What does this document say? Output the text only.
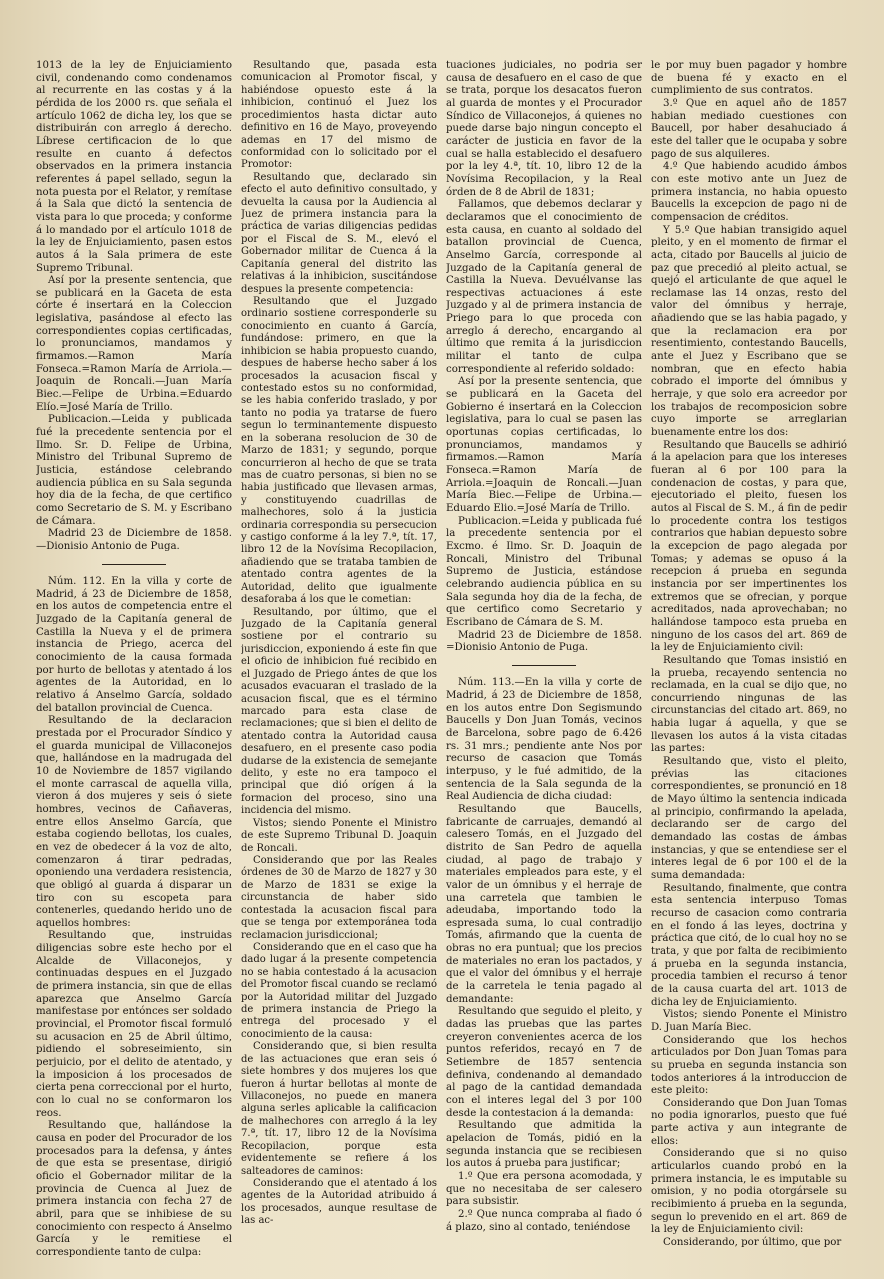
1013 de la ley de Enjuiciamiento civil, condenando como condenamos al recurrente en las costas y á la pérdida de los 2000 rs. que señala el artículo 1062 de dicha ley, los que se distribuirán con arreglo á derecho. Líbrese certificacion de lo que resulte en cuanto á defectos observados en la primera instancia referentes á papel sellado, segun la nota puesta por el Relator, y remítase á la Sala que dictó la sentencia de vista para lo que proceda; y conforme á lo mandado por el artículo 1018 de la ley de Enjuiciamiento, pasen estos autos á la Sala primera de este Supremo Tribunal.

Así por la presente sentencia, que se publicará en la Gaceta de esta córte é insertará en la Coleccion legislativa, pasándose al efecto las correspondientes copias certificadas, lo pronunciamos, mandamos y firmamos.—Ramon María Fonseca.=Ramon María de Arriola.—Joaquin de Roncali.—Juan María Biec.—Felipe de Urbina.=Eduardo Elío.=José María de Trillo.

Publicacion.—Leida y publicada fué la precedente sentencia por el Ilmo. Sr. D. Felipe de Urbina, Ministro del Tribunal Supremo de Justicia, estándose celebrando audiencia pública en su Sala segunda hoy dia de la fecha, de que certifico como Secretario de S. M. y Escribano de Cámara.

Madrid 23 de Diciembre de 1858. —Dionisio Antonio de Puga.

Núm. 112. En la villa y corte de Madrid, á 23 de Diciembre de 1858, en los autos de competencia entre el Juzgado de la Capitanía general de Castilla la Nueva y el de primera instancia de Priego, acerca del conocimiento de la causa formada por hurto de bellotas y atentado á los agentes de la Autoridad, en lo relativo á Anselmo García, soldado del batallon provincial de Cuenca.

Resultando de la declaracion prestada por el Procurador Síndico y el guarda municipal de Villaconejos que, hallándose en la madrugada del 10 de Noviembre de 1857 vigilando el monte carrascal de aquella villa, vieron á dos mujeres y seis ó siete hombres, vecinos de Cañaveras, entre ellos Anselmo García, que estaba cogiendo bellotas, los cuales, en vez de obedecer á la voz de alto, comenzaron á tirar pedradas, oponiendo una verdadera resistencia, que obligó al guarda á disparar un tiro con su escopeta para contenerles, quedando herido uno de aquellos hombres:

Resultando que, instruidas diligencias sobre este hecho por el Alcalde de Villaconejos, y continuadas despues en el Juzgado de primera instancia, sin que de ellas aparezca que Anselmo García manifestase por entónces ser soldado provincial, el Promotor fiscal formuló su acusacion en 25 de Abril último, pidiendo el sobreseimiento, sin perjuicio, por el delito de atentado, y la imposicion á los procesados de cierta pena correccional por el hurto, con lo cual no se conformaron los reos.

Resultando que, hallándose la causa en poder del Procurador de los procesados para la defensa, y ántes de que esta se presentase, dirigió oficio el Gobernador militar de la provincia de Cuenca al Juez de primera instancia con fecha 27 de abril, para que se inhibiese de su conocimiento con respecto á Anselmo García y le remitiese el correspondiente tanto de culpa:

Resultando que, pasada esta comunicacion al Promotor fiscal, y habiéndose opuesto este á la inhibicion, continuó el Juez los procedimientos hasta dictar auto definitivo en 16 de Mayo, proveyendo ademas en 17 del mismo de conformidad con lo solicitado por el Promotor:

Resultando que, declarado sin efecto el auto definitivo consultado, y devuelta la causa por la Audiencia al Juez de primera instancia para la práctica de varias diligencias pedidas por el Fiscal de S. M., elevó el Gobernador militar de Cuenca á la Capitanía general del distrito las relativas á la inhibicion, suscitándose despues la presente competencia:

Resultando que el Juzgado ordinario sostiene corresponderle su conocimiento en cuanto á García, fundándose: primero, en que la inhibicion se habia propuesto cuando, despues de haberse hecho saber á los procesados la acusacion fiscal y contestado estos su no conformidad, se les habia conferido traslado, y por tanto no podia ya tratarse de fuero segun lo terminantemente dispuesto en la soberana resolucion de 30 de Marzo de 1831; y segundo, porque concurrieron al hecho de que se trata mas de cuatro personas, si bien no se habia justificado que llevasen armas, y constituyendo cuadrillas de malhechores, solo á la justicia ordinaria correspondia su persecucion y castigo conforme á la ley 7.ª, tít. 17, libro 12 de la Novísima Recopilacion, añadiendo que se trataba tambien de atentado contra agentes de la Autoridad, delito que igualmente desaforaba á los que le cometian:

Resultando, por último, que el Juzgado de la Capitanía general sostiene por el contrario su jurisdiccion, exponiendo á este fin que el oficio de inhibicion fué recibido en el Juzgado de Priego ántes de que los acusados evacuaran el traslado de la acusacion fiscal, que es el término marcado para esta clase de reclamaciones; que si bien el delito de atentado contra la Autoridad causa desafuero, en el presente caso podia dudarse de la existencia de semejante delito, y este no era tampoco el principal que dió orígen á la formacion del proceso, sino una incidencia del mismo.

Vistos; siendo Ponente el Ministro de este Supremo Tribunal D. Joaquin de Roncali.

Considerando que por las Reales órdenes de 30 de Marzo de 1827 y 30 de Marzo de 1831 se exige la circunstancia de haber sido contestada la acusacion fiscal para que se tenga por extemporánea toda reclamacion jurisdiccional;

Considerando que en el caso que ha dado lugar á la presente competencia no se habia contestado á la acusacion del Promotor fiscal cuando se reclamó por la Autoridad militar del Juzgado de primera instancia de Priego la entrega del procesado y el conocimiento de la causa:

Considerando que, si bien resulta de las actuaciones que eran seis ó siete hombres y dos mujeres los que fueron á hurtar bellotas al monte de Villaconejos, no puede en manera alguna serles aplicable la calificacion de malhechores con arreglo á la ley 7.ª, tít. 17, libro 12 de la Novísima Recopilacion, porque esta evidentemente se refiere á los salteadores de caminos:

Considerando que el atentado á los agentes de la Autoridad atribuido á los procesados, aunque resultase de las ac-

tuaciones judiciales, no podria ser causa de desafuero en el caso de que se trata, porque los desacatos fueron al guarda de montes y el Procurador Síndico de Villaconejos, á quienes no puede darse bajo ningun concepto el carácter de justicia en favor de la cual se halla establecido el desafuero por la ley 4.ª, tít. 10, libro 12 de la Novísima Recopilacion, y la Real órden de 8 de Abril de 1831;

Fallamos, que debemos declarar y declaramos que el conocimiento de esta causa, en cuanto al soldado del batallon provincial de Cuenca, Anselmo García, corresponde al Juzgado de la Capitanía general de Castilla la Nueva. Devuélvanse las respectivas actuaciones á este Juzgado y al de primera instancia de Priego para lo que proceda con arreglo á derecho, encargando al último que remita á la jurisdiccion militar el tanto de culpa correspondiente al referido soldado:

Así por la presente sentencia, que se publicará en la Gaceta del Gobierno é insertará en la Coleccion legislativa, para lo cual se pasen las oportunas copias certificadas, lo pronunciamos, mandamos y firmamos.—Ramon María Fonseca.=Ramon María de Arriola.=Joaquin de Roncali.—Juan María Biec.—Felipe de Urbina.—Eduardo Elio.=José María de Trillo.

Publicacion.=Leida y publicada fué la precedente sentencia por el Excmo. é Ilmo. Sr. D. Joaquin de Roncali, Ministro del Tribunal Supremo de Justicia, estándose celebrando audiencia pública en su Sala segunda hoy dia de la fecha, de que certifico como Secretario y Escribano de Cámara de S. M.

Madrid 23 de Diciembre de 1858. =Dionisio Antonio de Puga.

Núm. 113.—En la villa y corte de Madrid, á 23 de Diciembre de 1858, en los autos entre Don Segismundo Baucells y Don Juan Tomás, vecinos de Barcelona, sobre pago de 6.426 rs. 31 mrs.; pendiente ante Nos por recurso de casacion que Tomás interpuso, y le fué admitido, de la sentencia de la Sala segunda de la Real Audiencia de dicha ciudad:

Resultando que Baucells, fabricante de carruajes, demandó al calesero Tomás, en el Juzgado del distrito de San Pedro de aquella ciudad, al pago de trabajo y materiales empleados para este, y el valor de un ómnibus y el herraje de una carretela que tambien le adeudaba, importando todo la espresada suma, lo cual contradijo Tomás, afirmando que la cuenta de obras no era puntual; que los precios de materiales no eran los pactados, y que el valor del ómnibus y el herraje de la carretela le tenia pagado al demandante:

Resultando que seguido el pleito, y dadas las pruebas que las partes creyeron convenientes acerca de los puntos referidos, recayó en 7 de Setiembre de 1857 sentencia definiva, condenando al demandado al pago de la cantidad demandada con el interes legal del 3 por 100 desde la contestacion á la demanda:

Resultando que admitida la apelacion de Tomás, pidió en la segunda instancia que se recibiesen los autos á prueba para justificar;

1.º Que era persona acomodada, y que no necesitaba de ser calesero para subsistir.

2.º Que nunca compraba al fiado ó á plazo, sino al contado, teniéndose

le por muy buen pagador y hombre de buena fé y exacto en el cumplimiento de sus contratos.

3.º Que en aquel año de 1857 habian mediado cuestiones con Baucell, por haber desahuciado á este del taller que le ocupaba y sobre pago de sus alquileres.

4.º Que habiendo acudido ámbos con este motivo ante un Juez de primera instancia, no habia opuesto Baucells la excepcion de pago ni de compensacion de créditos.

Y 5.º Que habian transigido aquel pleito, y en el momento de firmar el acta, citado por Baucells al juicio de paz que precedió al pleito actual, se quejó el articulante de que aquel le reclamase las 14 onzas, resto del valor del ómnibus y herraje, añadiendo que se las habia pagado, y que la reclamacion era por resentimiento, contestando Baucells, ante el Juez y Escribano que se nombran, que en efecto habia cobrado el importe del ómnibus y herraje, y que solo era acreedor por los trabajos de recomposicion sobre cuyo importe se arreglarian buenamente entre los dos:

Resultando que Baucells se adhirió á la apelacion para que los intereses fueran al 6 por 100 para la condenacion de costas, y para que, ejecutoriado el pleito, fuesen los autos al Fiscal de S. M., á fin de pedir lo procedente contra los testigos contrarios que habian depuesto sobre la excepcion de pago alegada por Tomas; y ademas se opuso á la recepcion á prueba en segunda instancia por ser impertinentes los extremos que se ofrecian, y porque acreditados, nada aprovechaban; no hallándose tampoco esta prueba en ninguno de los casos del art. 869 de la ley de Enjuiciamiento civil:

Resultando que Tomas insistió en la prueba, recayendo sentencia no reclamada, en la cual se dijo que, no concurriendo ningunas de las circunstancias del citado art. 869, no habia lugar á aquella, y que se llevasen los autos á la vista citadas las partes:

Resultando que, visto el pleito, prévias las citaciones correspondientes, se pronunció en 18 de Mayo último la sentencia indicada al principio, confirmando la apelada, declarando ser de cargo del demandado las costas de ámbas instancias, y que se entendiese ser el interes legal de 6 por 100 el de la suma demandada:

Resultando, finalmente, que contra esta sentencia interpuso Tomas recurso de casacion como contraria en el fondo á las leyes, doctrina y práctica que citó, de lo cual hoy no se trata, y que por falta de recibimiento á prueba en la segunda instancia, procedia tambien el recurso á tenor de la causa cuarta del art. 1013 de dicha ley de Enjuiciamiento.

Vistos; siendo Ponente el Ministro D. Juan María Biec.

Considerando que los hechos articulados por Don Juan Tomas para su prueba en segunda instancia son todos anteriores á la introduccion de este pleito:

Considerando que Don Juan Tomas no podia ignorarlos, puesto que fué parte activa y aun integrante de ellos:

Considerando que si no quiso articularlos cuando probó en la primera instancia, le es imputable su omision, y no podia otorgársele su recibimiento á prueba en la segunda, segun lo prevenido en el art. 869 de la ley de Enjuiciamiento civil:

Considerando, por último, que por
